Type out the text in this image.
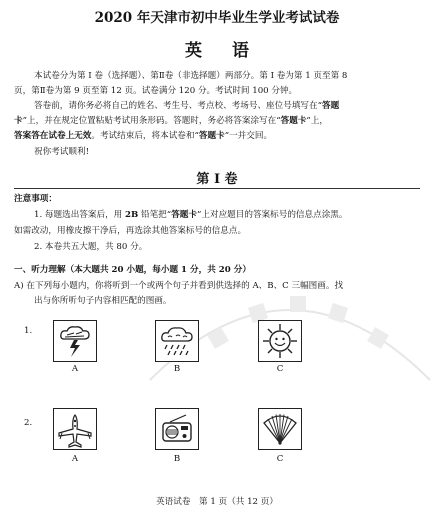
2020 年天津市初中毕业生学业考试试卷
英 语
本试卷分为第 Ⅰ 卷（选择题）、第Ⅱ卷（非选择题）两部分。第 Ⅰ 卷为第 1 页至第 8
页，第Ⅱ卷为第 9 页至第 12 页。试卷满分 120 分。考试时间 100 分钟。
答卷前，请你务必将自己的姓名、考生号、考点校、考场号、座位号填写在“答题
卡”上，并在规定位置粘贴考试用条形码。答题时，务必将答案涂写在“答题卡”上，
答案答在试卷上无效。考试结束后，将本试卷和“答题卡”一并交回。
祝你考试顺利!
第 Ⅰ 卷
注意事项：
1. 每题选出答案后，用 2B 铅笔把“答题卡”上对应题目的答案标号的信息点涂黑。
如需改动，用橡皮擦干净后，再选涂其他答案标号的信息点。
2. 本卷共五大题，共 80 分。
一、听力理解（本大题共 20 小题，每小题 1 分，共 20 分）
A) 在下列每小题内，你将听到一个或两个句子并看到供选择的 A、B、C 三幅图画。找
出与你所听句子内容相匹配的图画。
1.
A	B	C
2.
A	B	C
英语试卷　第 1 页（共 12 页）
